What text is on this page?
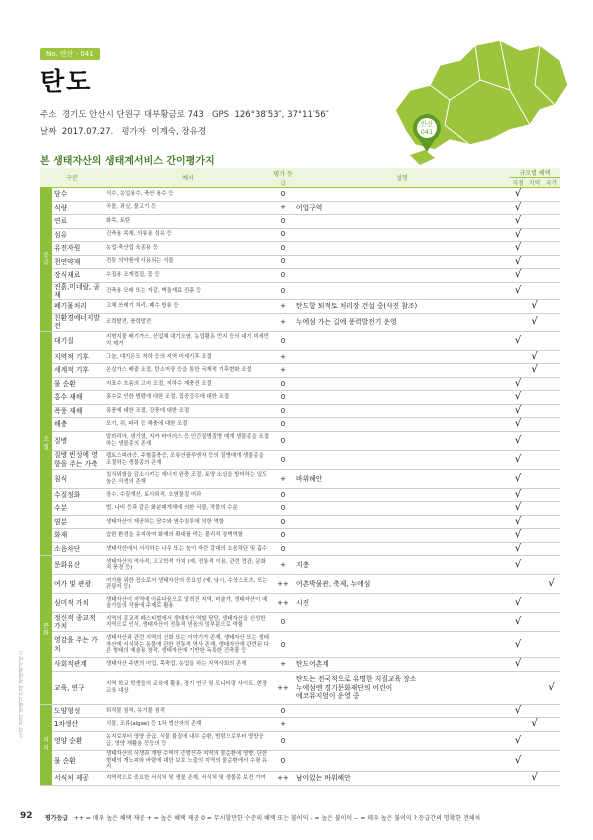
No. 안산 - 041
탄도
주소 경기도 안산시 단원구 대부황금로 743 GPS 126°38′53″, 37°11′56″
날짜 2017.07.27. 평가자 이계숙, 장유경
안산
041
본 생태자산의 생태계서비스 간이평가지
구분		예시	평가 등급	설명	규모별 혜택		
					지점	지역	국가
공급	담수	식수, 농업용수, 축산 용수 등	0		√		
	식량	곡물, 과실, 물고기 등	+	어업구역	√		
	연료	화목, 토탄	0		√		
	섬유	건축용 목재, 의류용 섬유 등	0		√		
	유전자원	농업·축산업 육종용 등	0		√		
	천연약재	전통 의약품에 사용되는 식물	0		√		
	장식재료	수집용 조개껍질, 꽃 등	0		√		
	진흙,미네랄, 골재	건축용 모래 또는 자갈, 벽돌재료 진흙 등	0		√		
	폐기물처리	고체 쓰레기 처리, 폐수 방류 등	+	탄도항 퇴적토 처리장 건설 중(사진 참조)		√	
	친환경에너지발전	조력발전, 풍력발전	+	누에섬 가는 길에 풍력발전기 운영		√	
조절	대기질	지형지물 배기가스, 산업체 대기오염, 농업활동 먼지 등의 대기 미세먼지 제거	0		√		
	지역적 기후	그늘, 대기온도 저하 등의 지역 미세기후 조절	+			√	
	세계적 기후	온실가스 배출 조절, 탄소저장 등을 통한 국제적 기후변화 조절	+			√	
	물 순환	지표수 흐름의 고저 조절, 지하수 재충전 조절	0		√		
	홍수 재해	홍수로 인한 범람에 대한 조절, 집중강우에 대한 조절	0		√		
	폭풍 재해	폭풍에 대한 조절, 강풍에 대한 조절	0		√		
	해충	모기, 쥐, 파리 등 해충에 대한 조절	0		√		
	질병	말라리아, 댕기열, 지카 바이러스 등 인간질병질병 매개 생물종을 조절하는 생물종의 존재	0		√		
	질병 빈성에 영향을 주는 가축	렙토스피라증, 주혈흡충증, 조류인플루엔자 등의 질병매개 생물종을 조절하는 생물종의 존재	0		√		
	침식	침식위험을 감소시키는 에너지 완충 조절, 토양 소실을 방어하는 일도 높은 식생의 존재	+	바위해안	√		
	수질정화	장수, 수질개선, 토사퇴적, 오염물질 여과	0		√		
	수분	벌, 나비 등과 같은 화분매개체에 의한 식물, 작물의 수분	0		√		
	염분	생태자산이 제공하는 담수와 염수침투에 의한 역할	0		√		
	화재	습한 환경을 유지하여 화재의 확대를 막는 물리적 장벽역할	0		√		
	소음차단	생태자산에서 서식하는 나무 또는 높이 자란 갈대의 소음차단 및 흡수	0		√		
문화	문화유산	생태자산의 역사적, 고고학적 가치 (예, 전통적 이용, 관련 경관, 문화적 풍경 등)	+	지충	√		
	여가 및 관광	여가를 위한 장소로서 생태자산의 중요성 (예, 낚시, 수상스포츠, 또는 관광지 등)	++	어촌박물관, 축제, 누에섬			√
	심미적 가치	생태자산이 지역에 아름다움으로 알려진 지역, 미술가, 생태자산이 예술가들의 작품에 주제로 활용	++	시진	√		
	정신적 종교적 가치	지역의 종교적 페스티벌에서 생태자산 역할 담당, 생태자산을 신성한 지역으로 인식, 생태자산이 전통적 믿음의 일부분으로 역할	0		√		
	영감을 주는 가치	생태자산과 관련 지역의 신화 또는 이야기가 존재, 생태자산 또는 생태자산에 서식하는 동물에 관한 전통적 역사 존재, 생태자산에 관련된 다른 형태의 예술용 창작, 생태자산에 기반한 독특한 건축물 등	0		√		
	사회적관계	생태자산 주변의 어업, 목축업, 농업을 하는 지역사회의 존재	+	탄도어촌계	√		
	교육, 연구	지역 학교 학생들의 교육에 활용, 장기 연구 및 모니터링 사이트, 현장교육 대상	++	탄도는 전국적으로 유명한 지질교육 장소
누에섬엔 경기문화재단의 어린이
에코뮤지엄이 운영 중			√
지지	도양형성	퇴적물 침적, 유기물 침적	0		√		
	1차생산	식물, 조류(algae) 등 1차 생산자의 존재	+			√	
	영양 순환	농지로부터 영양 공급, 식물 뮬질에 내부 순환, 범람으로부터 영양공급, 영양 재활용 등등의 등	0		√		
	물 순환	생태자산의 식생과 개방 수역이 증발산과 지역의 물순환에 영향, 단한 형태의 개노피와 바람에 대한 보호 노출의 지역의 물순환에서 수평 유지	0		√		
	서식처 제공	지역적으로 중요한 서식처 및 생물 존재, 서식처 및 생물종 보전 기여	++	남아있는 바위해안		√	
우리 곁의 생태자산과 생태계서비스
92 평가등급 ++ = 매우 높은 혜택 제공 + = 높은 혜택 제공 0 = 무시할만한 수준의 혜택 또는 불이익 - = 높은 불이익 -- = 매우 높은 불이익 ? 등급간의 명확한 견해차
